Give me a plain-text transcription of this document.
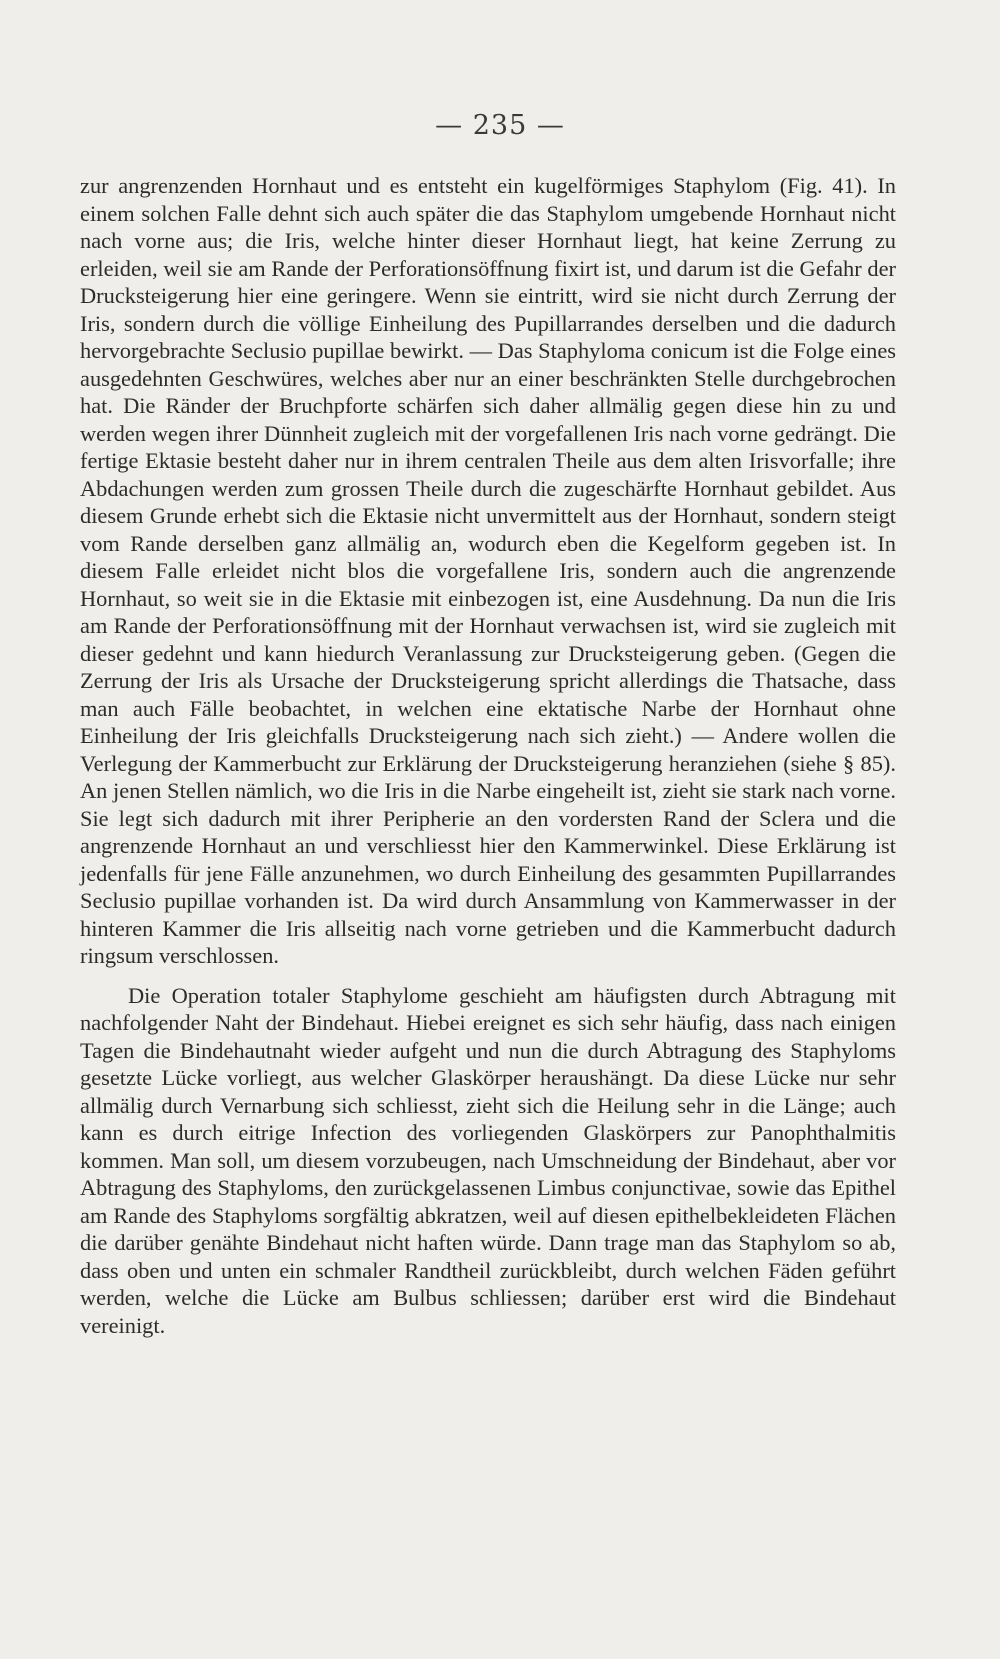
— 235 —

zur angrenzenden Hornhaut und es entsteht ein kugelförmiges Staphylom (Fig. 41). In einem solchen Falle dehnt sich auch später die das Staphylom umgebende Hornhaut nicht nach vorne aus; die Iris, welche hinter dieser Hornhaut liegt, hat keine Zerrung zu erleiden, weil sie am Rande der Perforationsöffnung fixirt ist, und darum ist die Gefahr der Drucksteigerung hier eine geringere. Wenn sie eintritt, wird sie nicht durch Zerrung der Iris, sondern durch die völlige Einheilung des Pupillarrandes derselben und die dadurch hervorgebrachte Seclusio pupillae bewirkt. — Das Staphyloma conicum ist die Folge eines ausgedehnten Geschwüres, welches aber nur an einer beschränkten Stelle durchgebrochen hat. Die Ränder der Bruchpforte schärfen sich daher allmälig gegen diese hin zu und werden wegen ihrer Dünnheit zugleich mit der vorgefallenen Iris nach vorne gedrängt. Die fertige Ektasie besteht daher nur in ihrem centralen Theile aus dem alten Irisvorfalle; ihre Abdachungen werden zum grossen Theile durch die zugeschärfte Hornhaut gebildet. Aus diesem Grunde erhebt sich die Ektasie nicht unvermittelt aus der Hornhaut, sondern steigt vom Rande derselben ganz allmälig an, wodurch eben die Kegelform gegeben ist. In diesem Falle erleidet nicht blos die vorgefallene Iris, sondern auch die angrenzende Hornhaut, so weit sie in die Ektasie mit einbezogen ist, eine Ausdehnung. Da nun die Iris am Rande der Perforationsöffnung mit der Hornhaut verwachsen ist, wird sie zugleich mit dieser gedehnt und kann hiedurch Veranlassung zur Drucksteigerung geben. (Gegen die Zerrung der Iris als Ursache der Drucksteigerung spricht allerdings die Thatsache, dass man auch Fälle beobachtet, in welchen eine ektatische Narbe der Hornhaut ohne Einheilung der Iris gleichfalls Drucksteigerung nach sich zieht.) — Andere wollen die Verlegung der Kammerbucht zur Erklärung der Drucksteigerung heranziehen (siehe § 85). An jenen Stellen nämlich, wo die Iris in die Narbe eingeheilt ist, zieht sie stark nach vorne. Sie legt sich dadurch mit ihrer Peripherie an den vordersten Rand der Sclera und die angrenzende Hornhaut an und verschliesst hier den Kammerwinkel. Diese Erklärung ist jedenfalls für jene Fälle anzunehmen, wo durch Einheilung des gesammten Pupillarrandes Seclusio pupillae vorhanden ist. Da wird durch Ansammlung von Kammerwasser in der hinteren Kammer die Iris allseitig nach vorne getrieben und die Kammerbucht dadurch ringsum verschlossen.

Die Operation totaler Staphylome geschieht am häufigsten durch Abtragung mit nachfolgender Naht der Bindehaut. Hiebei ereignet es sich sehr häufig, dass nach einigen Tagen die Bindehautnaht wieder aufgeht und nun die durch Abtragung des Staphyloms gesetzte Lücke vorliegt, aus welcher Glaskörper heraushängt. Da diese Lücke nur sehr allmälig durch Vernarbung sich schliesst, zieht sich die Heilung sehr in die Länge; auch kann es durch eitrige Infection des vorliegenden Glaskörpers zur Panophthalmitis kommen. Man soll, um diesem vorzubeugen, nach Umschneidung der Bindehaut, aber vor Abtragung des Staphyloms, den zurückgelassenen Limbus conjunctivae, sowie das Epithel am Rande des Staphyloms sorgfältig abkratzen, weil auf diesen epithelbekleideten Flächen die darüber genähte Bindehaut nicht haften würde. Dann trage man das Staphylom so ab, dass oben und unten ein schmaler Randtheil zurückbleibt, durch welchen Fäden geführt werden, welche die Lücke am Bulbus schliessen; darüber erst wird die Bindehaut vereinigt.
